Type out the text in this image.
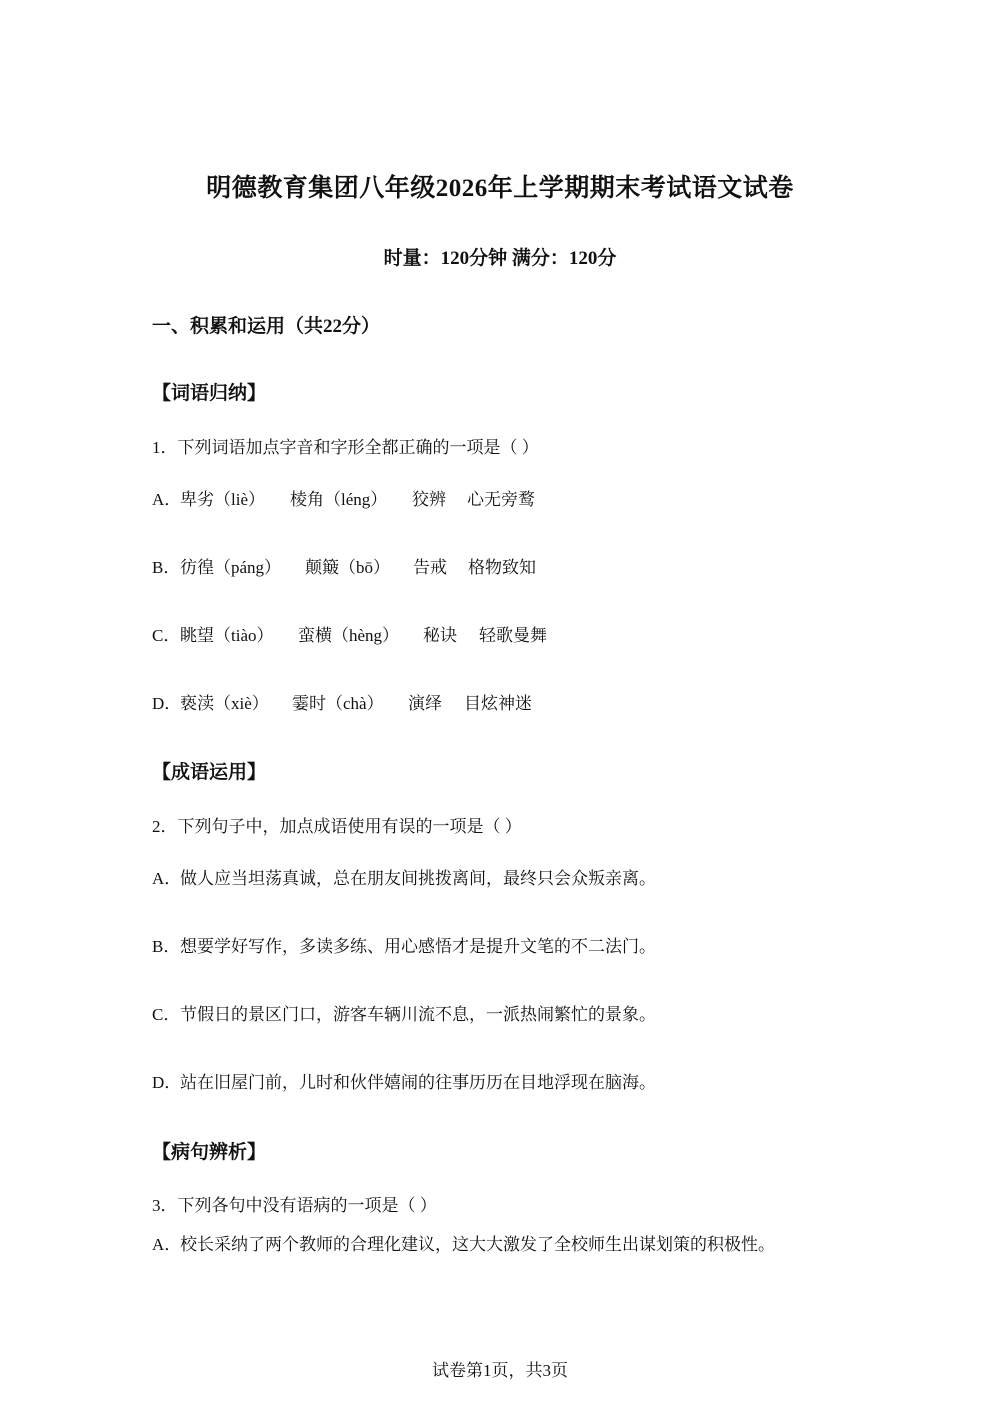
明德教育集团八年级2026年上学期期末考试语文试卷
时量：120分钟 满分：120分
一、积累和运用（共22分）
【词语归纳】
1．下列词语加点字音和字形全都正确的一项是（ ）
A．卑劣（liè） 棱角（léng） 狡辨 心无旁鹜
B．彷徨（páng） 颠簸（bō） 告戒 格物致知
C．眺望（tiào） 蛮横（hèng） 秘诀 轻歌曼舞
D．亵渎（xiè） 霎时（chà） 演绎 目炫神迷
【成语运用】
2．下列句子中，加点成语使用有误的一项是（ ）
A．做人应当坦荡真诚，总在朋友间挑拨离间，最终只会众叛亲离。
B．想要学好写作，多读多练、用心感悟才是提升文笔的不二法门。
C．节假日的景区门口，游客车辆川流不息，一派热闹繁忙的景象。
D．站在旧屋门前，儿时和伙伴嬉闹的往事历历在目地浮现在脑海。
【病句辨析】
3．下列各句中没有语病的一项是（ ）
A．校长采纳了两个教师的合理化建议，这大大激发了全校师生出谋划策的积极性。
试卷第1页，共3页
